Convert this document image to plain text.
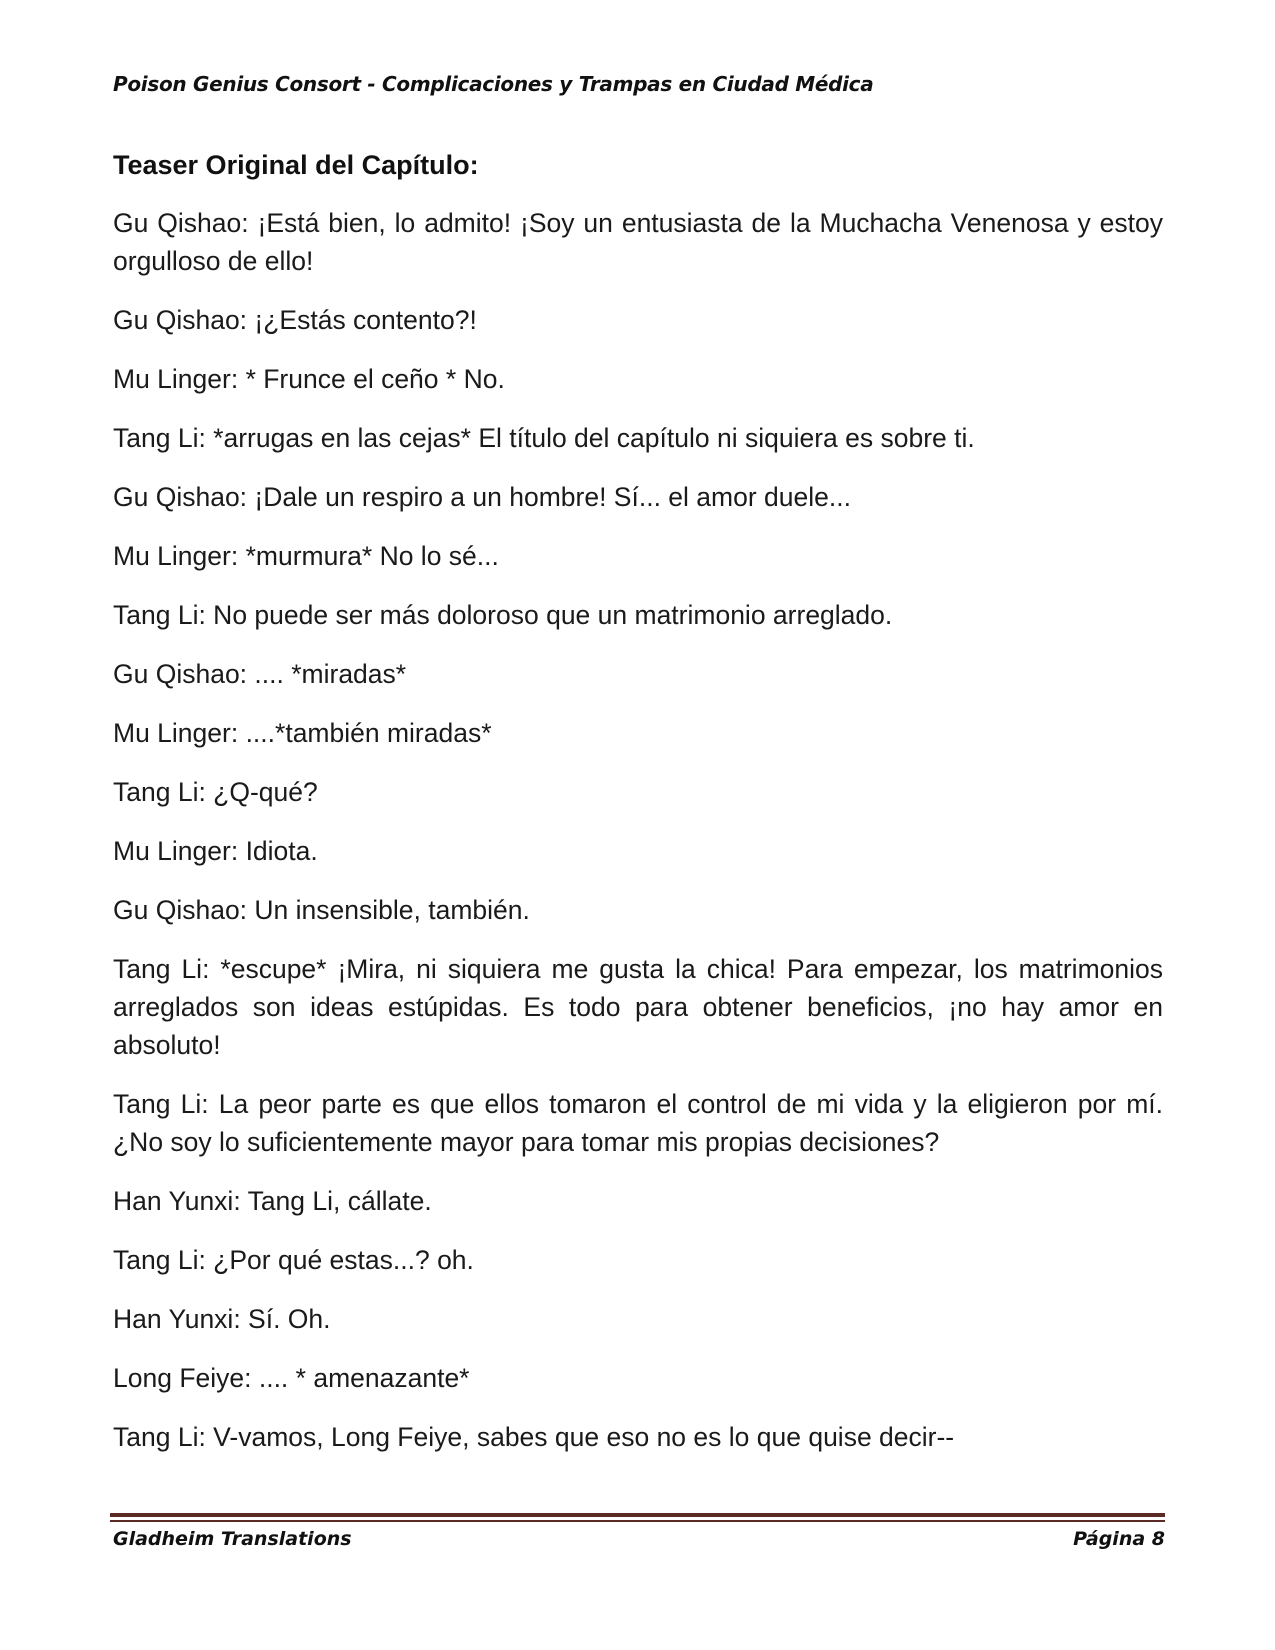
Poison Genius Consort - Complicaciones y Trampas en Ciudad Médica
Teaser Original del Capítulo:

Gu Qishao: ¡Está bien, lo admito! ¡Soy un entusiasta de la Muchacha Venenosa y estoy orgulloso de ello!

Gu Qishao: ¡¿Estás contento?!

Mu Linger: * Frunce el ceño * No.

Tang Li: *arrugas en las cejas* El título del capítulo ni siquiera es sobre ti.

Gu Qishao: ¡Dale un respiro a un hombre! Sí... el amor duele...

Mu Linger: *murmura* No lo sé...

Tang Li: No puede ser más doloroso que un matrimonio arreglado.

Gu Qishao: .... *miradas*

Mu Linger: ....*también miradas*

Tang Li: ¿Q-qué?

Mu Linger: Idiota.

Gu Qishao: Un insensible, también.

Tang Li: *escupe* ¡Mira, ni siquiera me gusta la chica! Para empezar, los matrimonios arreglados son ideas estúpidas. Es todo para obtener beneficios, ¡no hay amor en absoluto!

Tang Li: La peor parte es que ellos tomaron el control de mi vida y la eligieron por mí. ¿No soy lo suficientemente mayor para tomar mis propias decisiones?

Han Yunxi: Tang Li, cállate.

Tang Li: ¿Por qué estas...? oh.

Han Yunxi: Sí. Oh.

Long Feiye: .... * amenazante*

Tang Li: V-vamos, Long Feiye, sabes que eso no es lo que quise decir--

Gladheim Translations	Página 8
